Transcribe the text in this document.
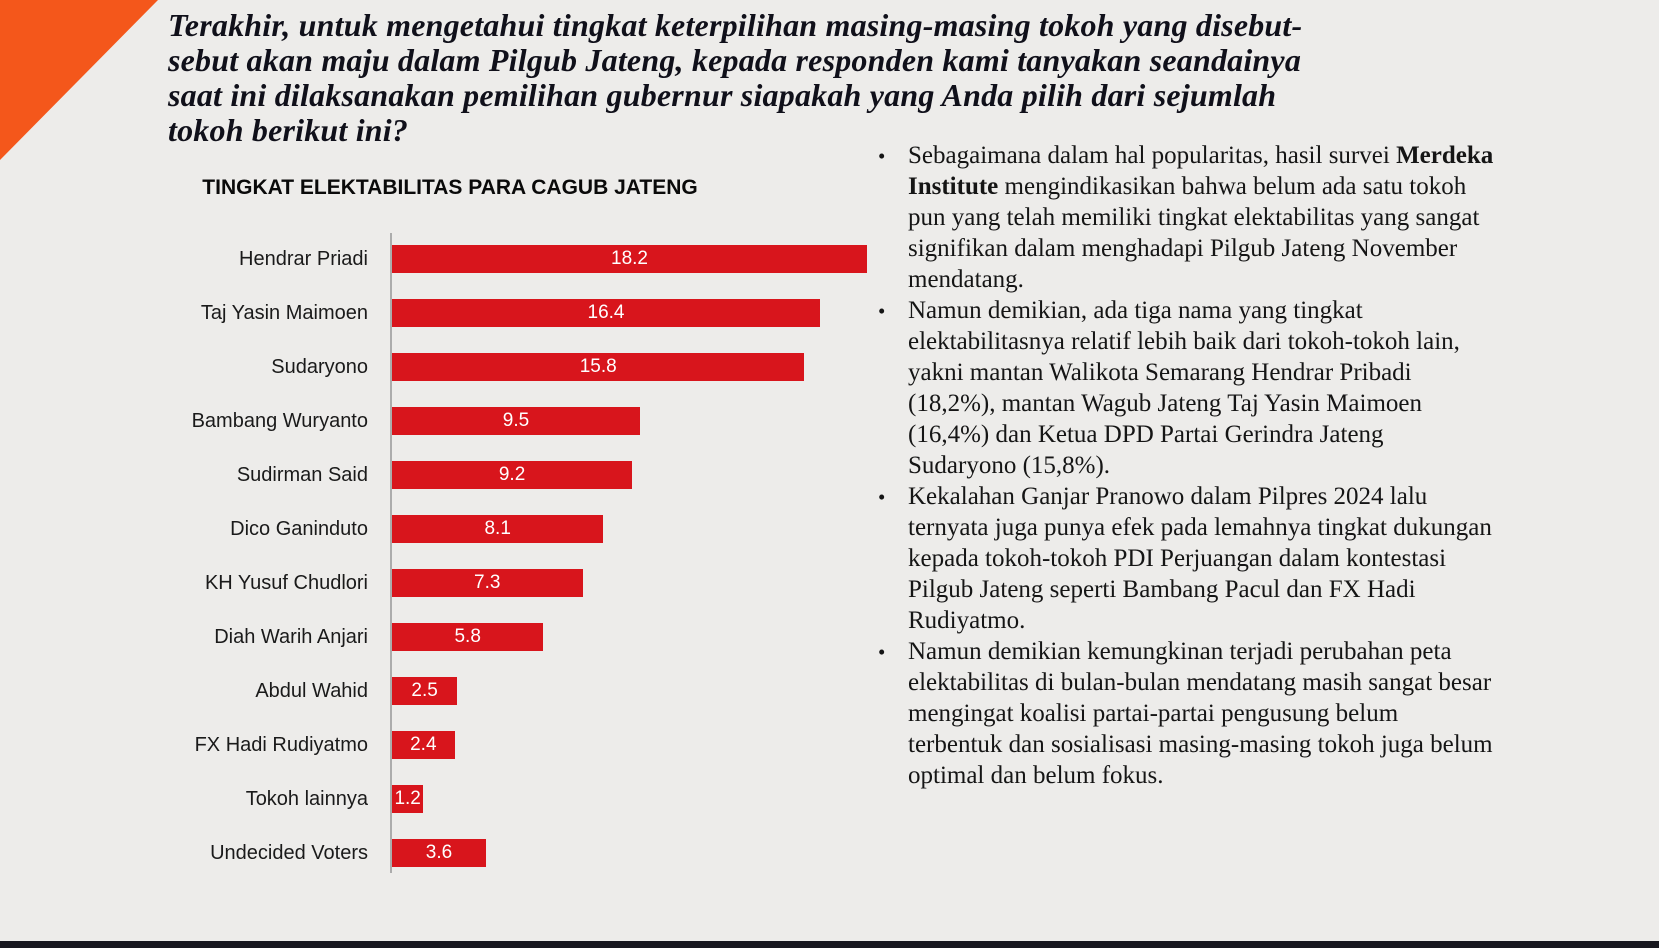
Terakhir, untuk mengetahui tingkat keterpilihan masing-masing tokoh yang disebut-
sebut akan maju dalam Pilgub Jateng, kepada responden kami tanyakan seandainya
saat ini dilaksanakan pemilihan gubernur siapakah yang Anda pilih dari sejumlah
tokoh berikut ini?
TINGKAT ELEKTABILITAS PARA CAGUB JATENG
Hendrar Priadi	18.2
Taj Yasin Maimoen	16.4
Sudaryono	15.8
Bambang Wuryanto	9.5
Sudirman Said	9.2
Dico Ganinduto	8.1
KH Yusuf Chudlori	7.3
Diah Warih Anjari	5.8
Abdul Wahid 2.5
FX Hadi Rudiyatmo 2.4
Tokoh lainnya 1.2
Undecided Voters	3.6
• Sebagaimana dalam hal popularitas, hasil survei Merdeka Institute mengindikasikan bahwa belum ada satu tokoh pun yang telah memiliki tingkat elektabilitas yang sangat signifikan dalam menghadapi Pilgub Jateng November mendatang.
• Namun demikian, ada tiga nama yang tingkat elektabilitasnya relatif lebih baik dari tokoh-tokoh lain, yakni mantan Walikota Semarang Hendrar Pribadi (18,2%), mantan Wagub Jateng Taj Yasin Maimoen (16,4%) dan Ketua DPD Partai Gerindra Jateng Sudaryono (15,8%).
• Kekalahan Ganjar Pranowo dalam Pilpres 2024 lalu ternyata juga punya efek pada lemahnya tingkat dukungan kepada tokoh-tokoh PDI Perjuangan dalam kontestasi Pilgub Jateng seperti Bambang Pacul dan FX Hadi Rudiyatmo.
• Namun demikian kemungkinan terjadi perubahan peta elektabilitas di bulan-bulan mendatang masih sangat besar mengingat koalisi partai-partai pengusung belum terbentuk dan sosialisasi masing-masing tokoh juga belum optimal dan belum fokus.
